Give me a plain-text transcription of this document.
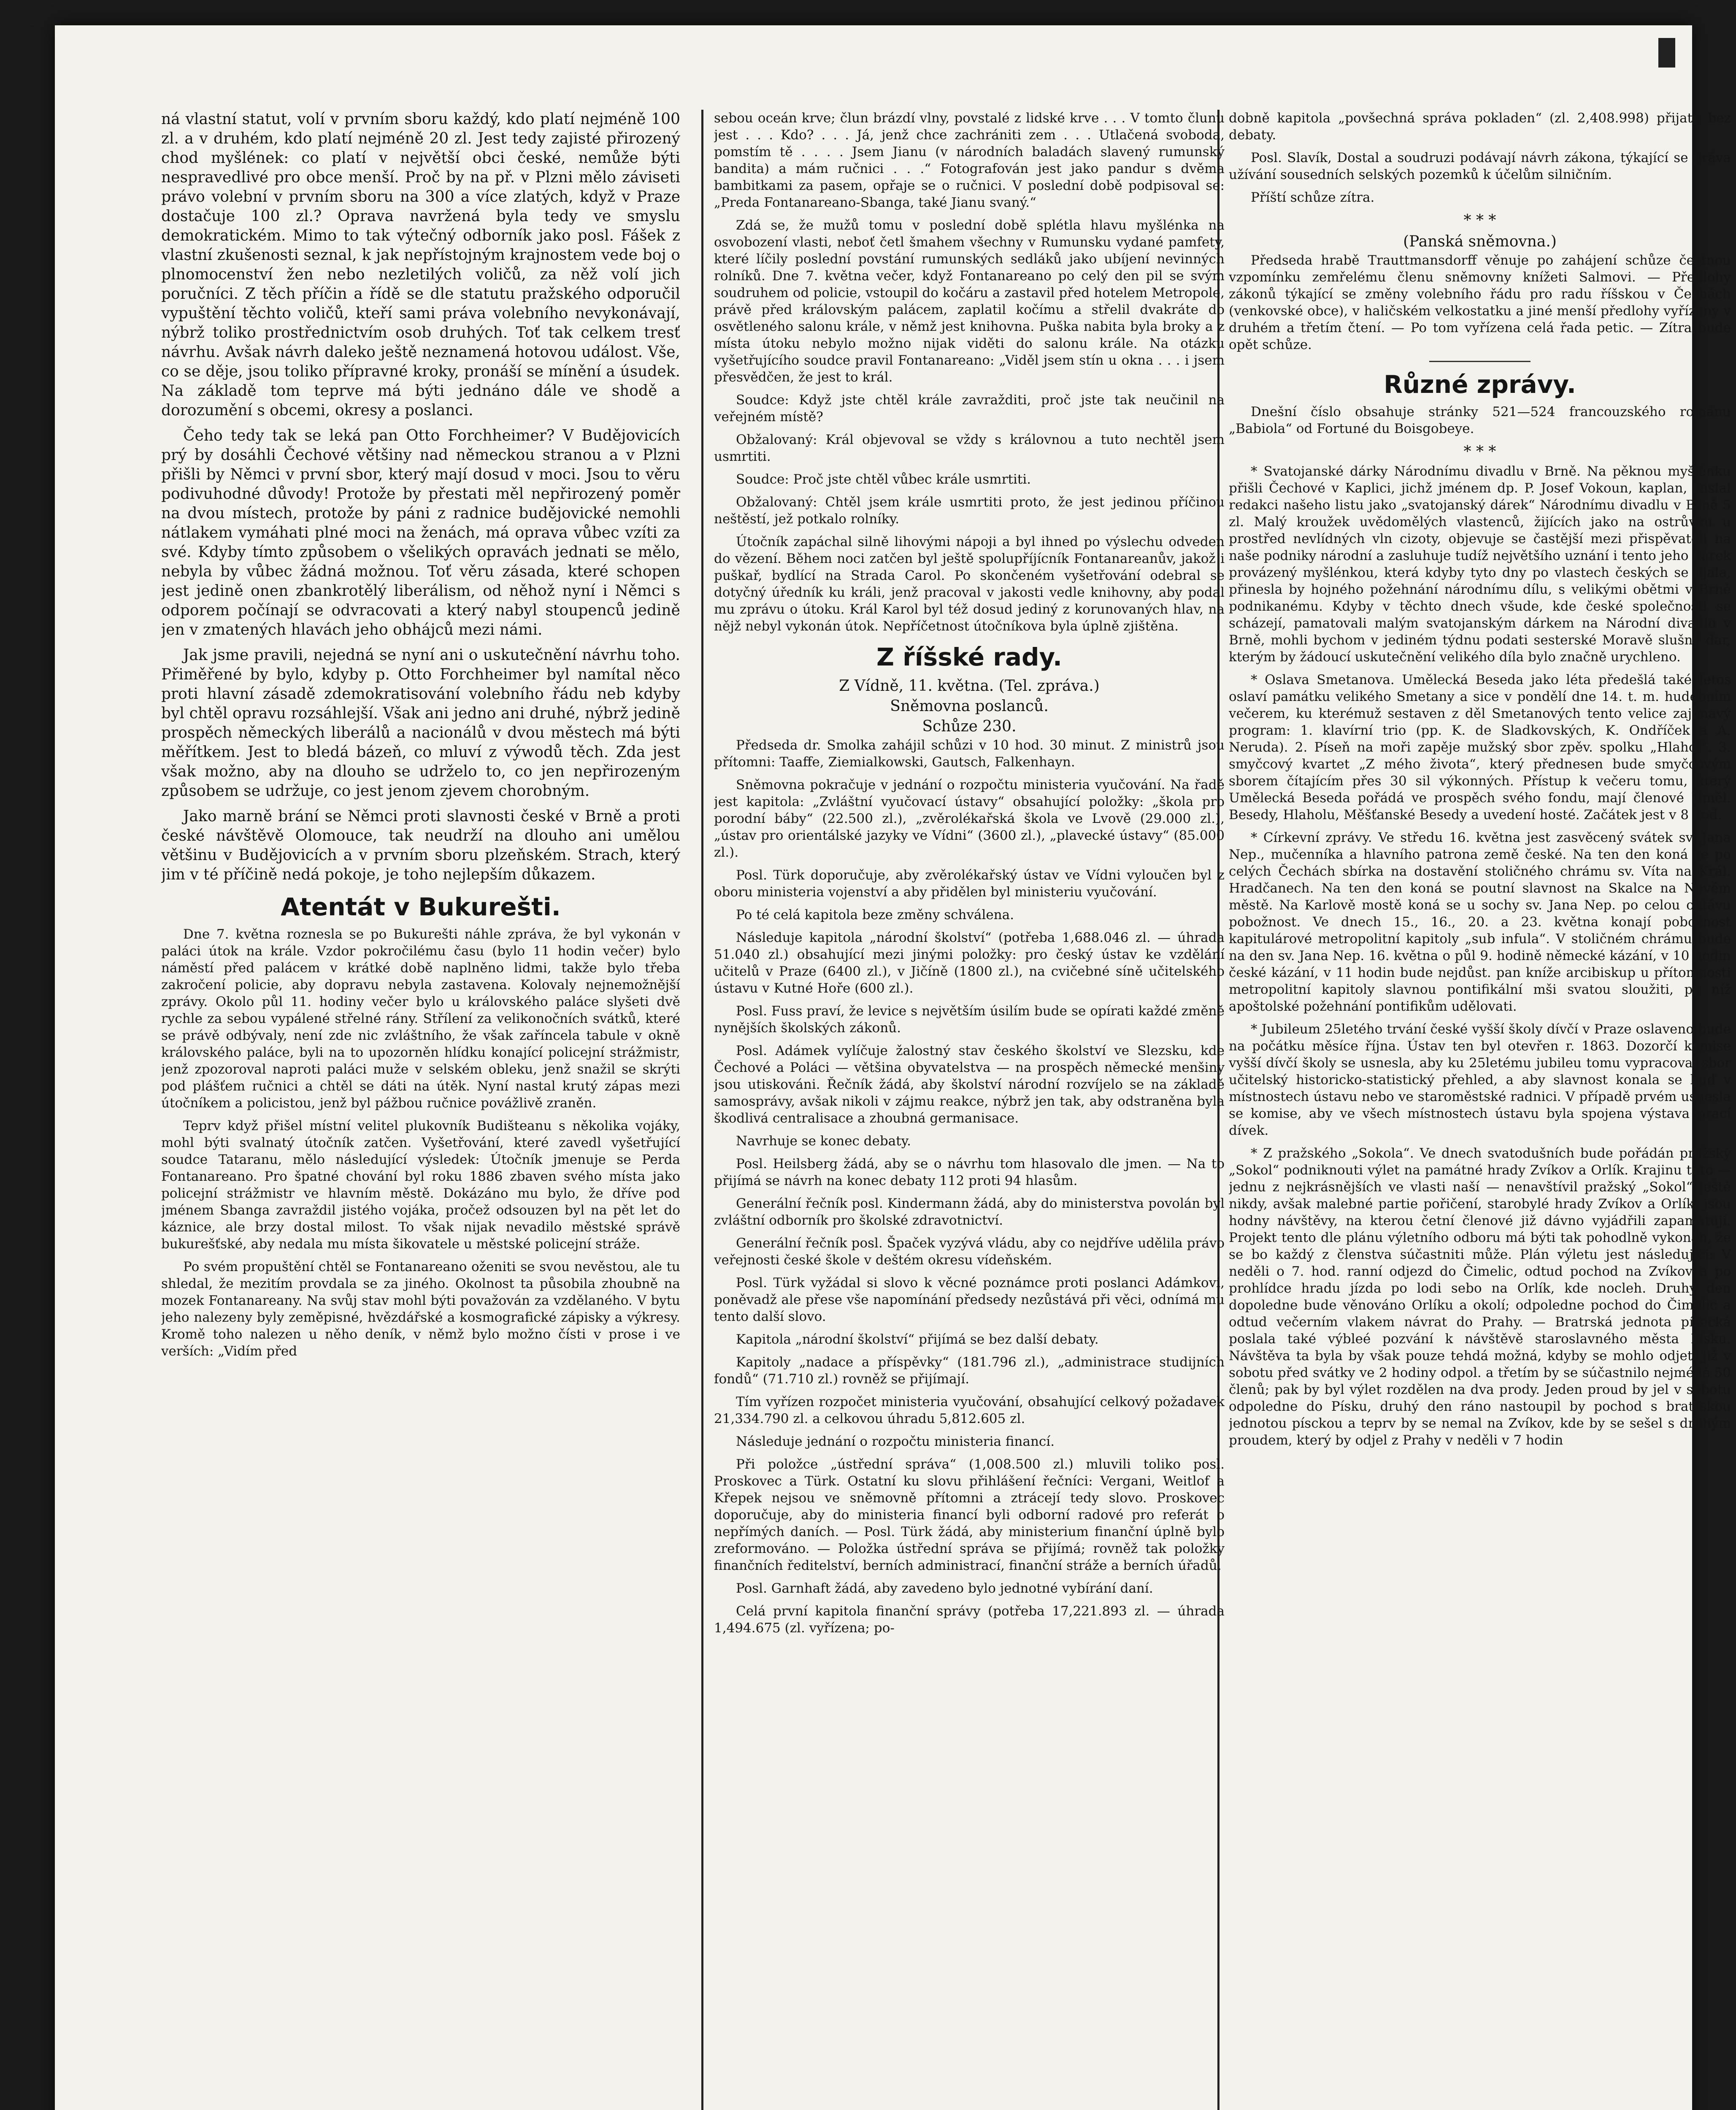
ná vlastní statut, volí v prvním sboru každý, kdo platí nejméně 100 zl. a v druhém, kdo platí nejméně 20 zl. Jest tedy zajisté přirozený chod myšlének: co platí v největší obci české, nemůže býti nespravedlivé pro obce menší. Proč by na př. v Plzni mělo záviseti právo volební v prvním sboru na 300 a více zlatých, když v Praze dostačuje 100 zl.? Oprava navržená byla tedy ve smyslu demokratickém. Mimo to tak výtečný odborník jako posl. Fášek z vlastní zkušenosti seznal, k jak nepřístojným krajnostem vede boj o plnomocenství žen nebo nezletilých voličů, za něž volí jich poručníci. Z těch příčin a řídě se dle statutu pražského odporučil vypuštění těchto voličů, kteří sami práva volebního nevykonávají, nýbrž toliko prostřednictvím osob druhých. Toť tak celkem tresť návrhu. Avšak návrh daleko ještě neznamená hotovou událost. Vše, co se děje, jsou toliko přípravné kroky, pronáší se mínění a úsudek. Na základě tom teprve má býti jednáno dále ve shodě a dorozumění s obcemi, okresy a poslanci.

Čeho tedy tak se leká pan Otto Forchheimer? V Budějovicích prý by dosáhli Čechové většiny nad německou stranou a v Plzni přišli by Němci v první sbor, který mají dosud v moci. Jsou to věru podivuhodné důvody! Protože by přestati měl nepřirozený poměr na dvou místech, protože by páni z radnice budějovické nemohli nátlakem vymáhati plné moci na ženách, má oprava vůbec vzíti za své. Kdyby tímto způsobem o všelikých opravách jednati se mělo, nebyla by vůbec žádná možnou. Toť věru zásada, které schopen jest jedině onen zbankrotělý liberálism, od něhož nyní i Němci s odporem počínají se odvracovati a který nabyl stoupenců jedině jen v zmatených hlavách jeho obhájců mezi námi.

Jak jsme pravili, nejedná se nyní ani o uskutečnění návrhu toho. Přiměřené by bylo, kdyby p. Otto Forchheimer byl namítal něco proti hlavní zásadě zdemokratisování volebního řádu neb kdyby byl chtěl opravu rozsáhlejší. Však ani jedno ani druhé, nýbrž jedině prospěch německých liberálů a nacionálů v dvou městech má býti měřítkem. Jest to bledá bázeň, co mluví z výwodů těch. Zda jest však možno, aby na dlouho se udrželo to, co jen nepřirozeným způsobem se udržuje, co jest jenom zjevem chorobným.

Jako marně brání se Němci proti slavnosti české v Brně a proti české návštěvě Olomouce, tak neudrží na dlouho ani umělou většinu v Budějovicích a v prvním sboru plzeňském. Strach, který jim v té příčině nedá pokoje, je toho nejlepším důkazem.

Atentát v Bukurešti.

Dne 7. května roznesla se po Bukurešti náhle zpráva, že byl vykonán v paláci útok na krále. Vzdor pokročilému času (bylo 11 hodin večer) bylo náměstí před palácem v krátké době naplněno lidmi, takže bylo třeba zakročení policie, aby dopravu nebyla zastavena. Kolovaly nejnemožnější zprávy. Okolo půl 11. hodiny večer bylo u královského paláce slyšeti dvě rychle za sebou vypálené střelné rány. Střílení za velikonočních svátků, které se právě odbývaly, není zde nic zvláštního, že však zaříncela tabule v okně královského paláce, byli na to upozorněn hlídku konající policejní strážmistr, jenž zpozoroval naproti paláci muže v selském obleku, jenž snažil se skrýti pod plášťem ručnici a chtěl se dáti na útěk. Nyní nastal krutý zápas mezi útočníkem a policistou, jenž byl pážbou ručnice povážlivě zraněn.

Teprv když přišel místní velitel plukovník Budišteanu s několika vojáky, mohl býti svalnatý útočník zatčen. Vyšetřování, které zavedl vyšetřující soudce Tataranu, mělo následující výsledek: Útočník jmenuje se Perda Fontanareano. Pro špatné chování byl roku 1886 zbaven svého místa jako policejní strážmistr ve hlavním městě. Dokázáno mu bylo, že dříve pod jménem Sbanga zavraždil jistého vojáka, pročež odsouzen byl na pět let do káznice, ale brzy dostal milost. To však nijak nevadilo městské správě bukurešťské, aby nedala mu místa šikovatele u městské policejní stráže.

Po svém propuštění chtěl se Fontanareano oženiti se svou nevěstou, ale tu shledal, že mezitím provdala se za jiného. Okolnost ta působila zhoubně na mozek Fontanareany. Na svůj stav mohl býti považován za vzdělaného. V bytu jeho nalezeny byly zeměpisné, hvězdářské a kosmografické zápisky a výkresy. Kromě toho nalezen u něho deník, v němž bylo možno čísti v prose i ve verších: „Vidím před

sebou oceán krve; člun brázdí vlny, povstalé z lidské krve . . . V tomto člunu jest . . . Kdo? . . . Já, jenž chce zachrániti zem . . . Utlačená svoboda, pomstím tě . . . . Jsem Jianu (v národních baladách slavený rumunský bandita) a mám ručnici . . .“ Fotografován jest jako pandur s dvěma bambitkami za pasem, opřaje se o ručnici. V poslední době podpisoval se: „Preda Fontanareano-Sbanga, také Jianu svaný.“

Zdá se, že mužů tomu v poslední době splétla hlavu myšlénka na osvobození vlasti, neboť četl šmahem všechny v Rumunsku vydané pamfety, které líčily poslední povstání rumunských sedláků jako ubíjení nevinných rolníků. Dne 7. května večer, když Fontanareano po celý den pil se svým soudruhem od policie, vstoupil do kočáru a zastavil před hotelem Metropole, právě před královským palácem, zaplatil kočímu a střelil dvakráte do osvětleného salonu krále, v němž jest knihovna. Puška nabita byla broky a z místa útoku nebylo možno nijak viděti do salonu krále. Na otázku vyšetřujícího soudce pravil Fontanareano: „Viděl jsem stín u okna . . . i jsem přesvědčen, že jest to král.

Soudce: Když jste chtěl krále zavražditi, proč jste tak neučinil na veřejném místě?

Obžalovaný: Král objevoval se vždy s královnou a tuto nechtěl jsem usmrtiti.

Soudce: Proč jste chtěl vůbec krále usmrtiti.

Obžalovaný: Chtěl jsem krále usmrtiti proto, že jest jedinou příčinou neštěstí, jež potkalo rolníky.

Útočník zapáchal silně lihovými nápoji a byl ihned po výslechu odveden do vězení. Během noci zatčen byl ještě spolupříjícník Fontanareanův, jakož i puškař, bydlící na Strada Carol. Po skončeném vyšetřování odebral se dotyčný úředník ku králi, jenž pracoval v jakosti vedle knihovny, aby podal mu zprávu o útoku. Král Karol byl též dosud jediný z korunovaných hlav, na nějž nebyl vykonán útok. Nepříčetnost útočníkova byla úplně zjištěna.

Z říšské rady.
Z Vídně, 11. května. (Tel. zpráva.)
Sněmovna poslanců.
Schůze 230.

Předseda dr. Smolka zahájil schůzi v 10 hod. 30 minut. Z ministrů jsou přítomni: Taaffe, Ziemialkowski, Gautsch, Falkenhayn.

Sněmovna pokračuje v jednání o rozpočtu ministeria vyučování. Na řadě jest kapitola: „Zvláštní vyučovací ústavy“ obsahující položky: „škola pro porodní báby“ (22.500 zl.), „zvěrolékařská škola ve Lvově (29.000 zl.), „ústav pro orientálské jazyky ve Vídni“ (3600 zl.), „plavecké ústavy“ (85.000 zl.).

Posl. Türk doporučuje, aby zvěrolékařský ústav ve Vídni vyloučen byl z oboru ministeria vojenství a aby přidělen byl ministeriu vyučování.

Po té celá kapitola beze změny schválena.

Následuje kapitola „národní školství“ (potřeba 1,688.046 zl. — úhrada 51.040 zl.) obsahující mezi jinými položky: pro český ústav ke vzdělání učitelů v Praze (6400 zl.), v Jičíně (1800 zl.), na cvičebné síně učitelského ústavu v Kutné Hoře (600 zl.).

Posl. Fuss praví, že levice s největším úsilím bude se opírati každé změně nynějších školských zákonů.

Posl. Adámek vylíčuje žalostný stav českého školství ve Slezsku, kde Čechové a Poláci — většina obyvatelstva — na prospěch německé menšiny jsou utiskováni. Řečník žádá, aby školství národní rozvíjelo se na základě samosprávy, avšak nikoli v zájmu reakce, nýbrž jen tak, aby odstraněna byla škodlivá centralisace a zhoubná germanisace.

Navrhuje se konec debaty.

Posl. Heilsberg žádá, aby se o návrhu tom hlasovalo dle jmen. — Na to přijímá se návrh na konec debaty 112 proti 94 hlasům.

Generální řečník posl. Kindermann žádá, aby do ministerstva povolán byl zvláštní odborník pro školské zdravotnictví.

Generální řečník posl. Špaček vyzývá vládu, aby co nejdříve udělila právo veřejnosti české škole v deštém okresu vídeňském.

Posl. Türk vyžádal si slovo k věcné poznámce proti poslanci Adámkovi, poněvadž ale přese vše napomínání předsedy nezůstává při věci, odnímá mu tento další slovo.

Kapitola „národní školství“ přijímá se bez další debaty.

Kapitoly „nadace a příspěvky“ (181.796 zl.), „administrace studijních fondů“ (71.710 zl.) rovněž se přijímají.

Tím vyřízen rozpočet ministeria vyučování, obsahující celkový požadavek 21,334.790 zl. a celkovou úhradu 5,812.605 zl.

Následuje jednání o rozpočtu ministeria financí.

Při položce „ústřední správa“ (1,008.500 zl.) mluvili toliko posl. Proskovec a Türk. Ostatní ku slovu přihlášení řečníci: Vergani, Weitlof a Křepek nejsou ve sněmovně přítomni a ztrácejí tedy slovo. Proskovec doporučuje, aby do ministeria financí byli odborní radové pro referát o nepřímých daních. — Posl. Türk žádá, aby ministerium finanční úplně bylo zreformováno. — Položka ústřední správa se přijímá; rovněž tak položky finančních ředitelství, berních administrací, finanční stráže a berních úřadů.

Posl. Garnhaft žádá, aby zavedeno bylo jednotné vybírání daní.

Celá první kapitola finanční správy (potřeba 17,221.893 zl. — úhrada 1,494.675 (zl. vyřízena; po-

dobně kapitola „povšechná správa pokladen“ (zl. 2,408.998) přijata bez debaty.

Posl. Slavík, Dostal a soudruzi podávají návrh zákona, týkající se práva užívání sousedních selských pozemků k účelům silničním.

Příští schůze zítra.

* * *
(Panská sněmovna.)

Předseda hrabě Trauttmansdorff věnuje po zahájení schůze čestnou vzpomínku zemřelému členu sněmovny knížeti Salmovi. — Předlohy zákonů týkající se změny volebního řádu pro radu říšskou v Čechách (venkovské obce), v haličském velkostatku a jiné menší předlohy vyřízeny v druhém a třetím čtení. — Po tom vyřízena celá řada petic. — Zítra bude opět schůze.

Různé zprávy.

Dnešní číslo obsahuje stránky 521—524 francouzského románu „Babiola“ od Fortuné du Boisgobeye.

* * *

* Svatojanské dárky Národnímu divadlu v Brně. Na pěknou myšlénku přišli Čechové v Kaplici, jichž jménem dp. P. Josef Vokoun, kaplan, zaslal redakci našeho listu jako „svatojanský dárek“ Národnímu divadlu v Brně 5 zl. Malý kroužek uvědomělých vlastenců, žijících jako na ostrůvku u prostřed nevlídných vln cizoty, objevuje se častější mezi přispěvateli na naše podniky národní a zasluhuje tudíž největšího uznání i tento jeho dárek provázený myšlénkou, která kdyby tyto dny po vlastech českých se ujala, přinesla by hojného požehnání národnímu dílu, s velikými obětmi v Brně podnikanému. Kdyby v těchto dnech všude, kde české společnosti se scházejí, pamatovali malým svatojanským dárkem na Národní divadlo v Brně, mohli bychom v jediném týdnu podati sesterské Moravě slušný dar, kterým by žádoucí uskutečnění velikého díla bylo značně urychleno.

* Oslava Smetanova. Umělecká Beseda jako léta předešlá také letos oslaví památku velikého Smetany a sice v pondělí dne 14. t. m. hudebním večerem, ku kterémuž sestaven z děl Smetanových tento velice zajímavý program: 1. klavírní trio (pp. K. de Sladkovských, K. Ondříček a A. Neruda). 2. Píseň na moři zapěje mužský sbor zpěv. spolku „Hlahol“. 3. smyčcový kvartet „Z mého života“, který přednesen bude smyčcovým sborem čítajícím přes 30 sil výkonných. Přístup k večeru tomu, který Umělecká Beseda pořádá ve prospěch svého fondu, mají členové Uměl. Besedy, Hlaholu, Měšťanské Besedy a uvedení hosté. Začátek jest v 8 hod.

* Církevní zprávy. Ve středu 16. května jest zasvěcený svátek sv. Jana Nep., mučenníka a hlavního patrona země české. Na ten den koná se po celých Čechách sbírka na dostavění stoličného chrámu sv. Víta na Král. Hradčanech. Na ten den koná se poutní slavnost na Skalce na Novém městě. Na Karlově mostě koná se u sochy sv. Jana Nep. po celou oktávu pobožnost. Ve dnech 15., 16., 20. a 23. května konají pobožnost kapitulárové metropolitní kapitoly „sub infula“. V stoličném chrámu bude na den sv. Jana Nep. 16. května o půl 9. hodině německé kázání, v 10 hodin české kázání, v 11 hodin bude nejdůst. pan kníže arcibiskup u přítomnosti metropolitní kapitoly slavnou pontifikální mši svatou sloužiti, po níž apoštolské požehnání pontifikům udělovati.

* Jubileum 25letého trvání české vyšší školy dívčí v Praze oslaveno bude na počátku měsíce října. Ústav ten byl otevřen r. 1863. Dozorčí komise vyšší dívčí školy se usnesla, aby ku 25letému jubileu tomu vypracoval sbor učitelský historicko-statistický přehled, a aby slavnost konala se buď v místnostech ústavu nebo ve staroměstské radnici. V případě prvém usnesla se komise, aby ve všech místnostech ústavu byla spojena výstava prací dívek.

* Z pražského „Sokola“. Ve dnech svatodušních bude pořádán pražský „Sokol“ podniknouti výlet na památné hrady Zvíkov a Orlík. Krajinu tuto — jednu z nejkrásnějších ve vlasti naší — nenavštívil pražský „Sokol“ ještě nikdy, avšak malebné partie pořičení, starobylé hrady Zvíkov a Orlík, jsou hodny návštěvy, na kterou četní členové již dávno vyjádřili zapamatují. Projekt tento dle plánu výletního odboru má býti tak pohodlně vykonán, že se bo každý z členstva súčastniti může. Plán výletu jest následující: V neděli o 7. hod. ranní odjezd do Čimelic, odtud pochod na Zvíkov a po prohlídce hradu jízda po lodi sebo na Orlík, kde nocleh. Druhý den dopoledne bude věnováno Orlíku a okolí; odpoledne pochod do Čimelic a odtud večerním vlakem návrat do Prahy. — Bratrská jednota písecká poslala také výbleé pozvání k návštěvě staroslavného města Písku. Návštěva ta byla by však pouze tehdá možná, kdyby se mohlo odjeti již v sobotu před svátky ve 2 hodiny odpol. a třetím by se súčastnilo nejméně 50 členů; pak by byl výlet rozdělen na dva prody. Jeden proud by jel v sobotu odpoledne do Písku, druhý den ráno nastoupil by pochod s bratrskou jednotou písckou a teprv by se nemal na Zvíkov, kde by se sešel s druhým proudem, který by odjel z Prahy v neděli v 7 hodin
